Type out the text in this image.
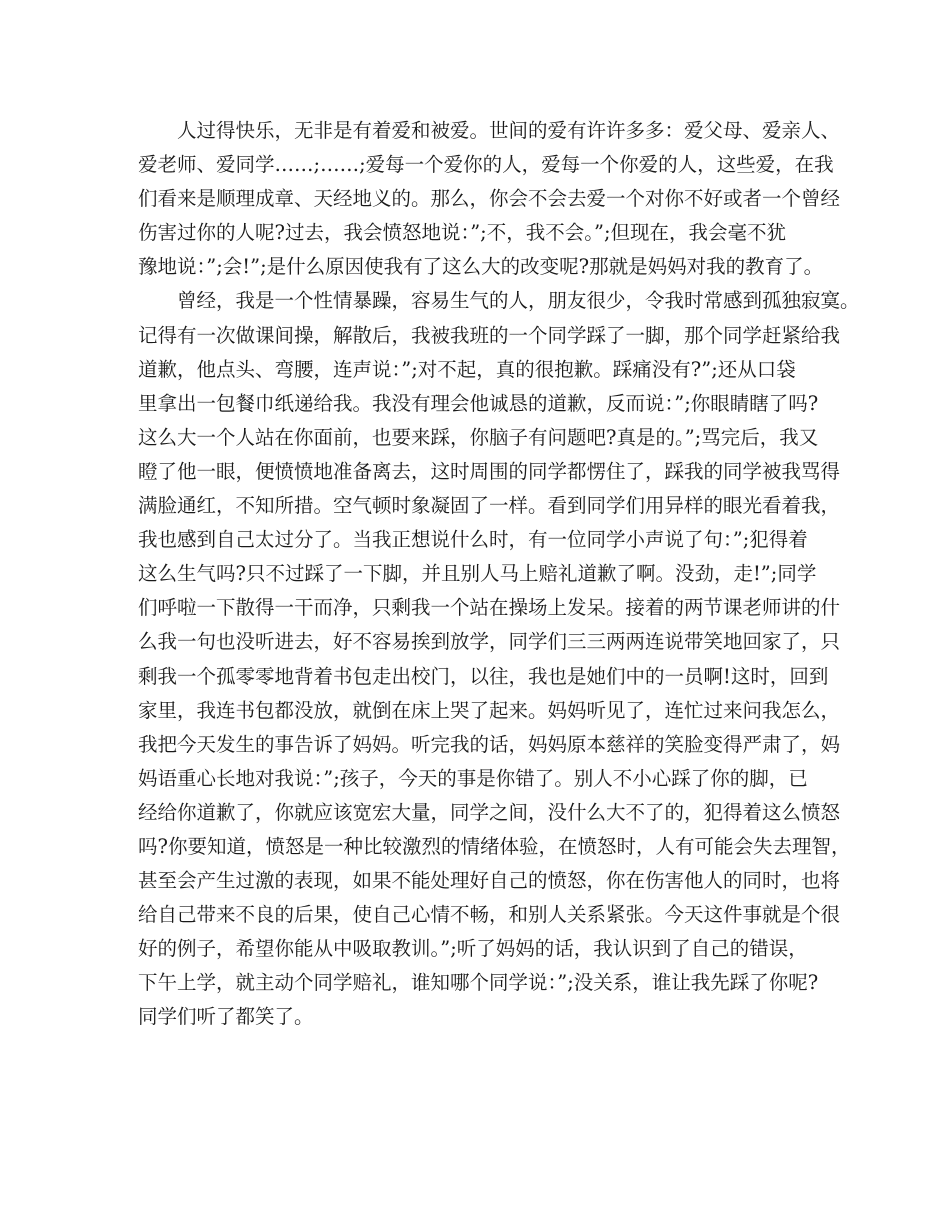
人过得快乐，无非是有着爱和被爱。世间的爱有许许多多：爱父母、爱亲人、
爱老师、爱同学……;……;爱每一个爱你的人，爱每一个你爱的人，这些爱，在我
们看来是顺理成章、天经地义的。那么，你会不会去爱一个对你不好或者一个曾经
伤害过你的人呢?过去，我会愤怒地说：”;不，我不会。”;但现在，我会毫不犹
豫地说：”;会!”;是什么原因使我有了这么大的改变呢?那就是妈妈对我的教育了。
曾经，我是一个性情暴躁，容易生气的人，朋友很少，令我时常感到孤独寂寞。
记得有一次做课间操，解散后，我被我班的一个同学踩了一脚，那个同学赶紧给我
道歉，他点头、弯腰，连声说：”;对不起，真的很抱歉。踩痛没有?”;还从口袋
里拿出一包餐巾纸递给我。我没有理会他诚恳的道歉，反而说：”;你眼睛瞎了吗?
这么大一个人站在你面前，也要来踩，你脑子有问题吧?真是的。”;骂完后，我又
瞪了他一眼，便愤愤地准备离去，这时周围的同学都愣住了，踩我的同学被我骂得
满脸通红，不知所措。空气顿时象凝固了一样。看到同学们用异样的眼光看着我，
我也感到自己太过分了。当我正想说什么时，有一位同学小声说了句：”;犯得着
这么生气吗?只不过踩了一下脚，并且别人马上赔礼道歉了啊。没劲，走!”;同学
们呼啦一下散得一干而净，只剩我一个站在操场上发呆。接着的两节课老师讲的什
么我一句也没听进去，好不容易挨到放学，同学们三三两两连说带笑地回家了，只
剩我一个孤零零地背着书包走出校门，以往，我也是她们中的一员啊!这时，回到
家里，我连书包都没放，就倒在床上哭了起来。妈妈听见了，连忙过来问我怎么，
我把今天发生的事告诉了妈妈。听完我的话，妈妈原本慈祥的笑脸变得严肃了，妈
妈语重心长地对我说：”;孩子，今天的事是你错了。别人不小心踩了你的脚，已
经给你道歉了，你就应该宽宏大量，同学之间，没什么大不了的，犯得着这么愤怒
吗?你要知道，愤怒是一种比较激烈的情绪体验，在愤怒时，人有可能会失去理智，
甚至会产生过激的表现，如果不能处理好自己的愤怒，你在伤害他人的同时，也将
给自己带来不良的后果，使自己心情不畅，和别人关系紧张。今天这件事就是个很
好的例子，希望你能从中吸取教训。”;听了妈妈的话，我认识到了自己的错误，
下午上学，就主动个同学赔礼，谁知哪个同学说：”;没关系，谁让我先踩了你呢?
同学们听了都笑了。
